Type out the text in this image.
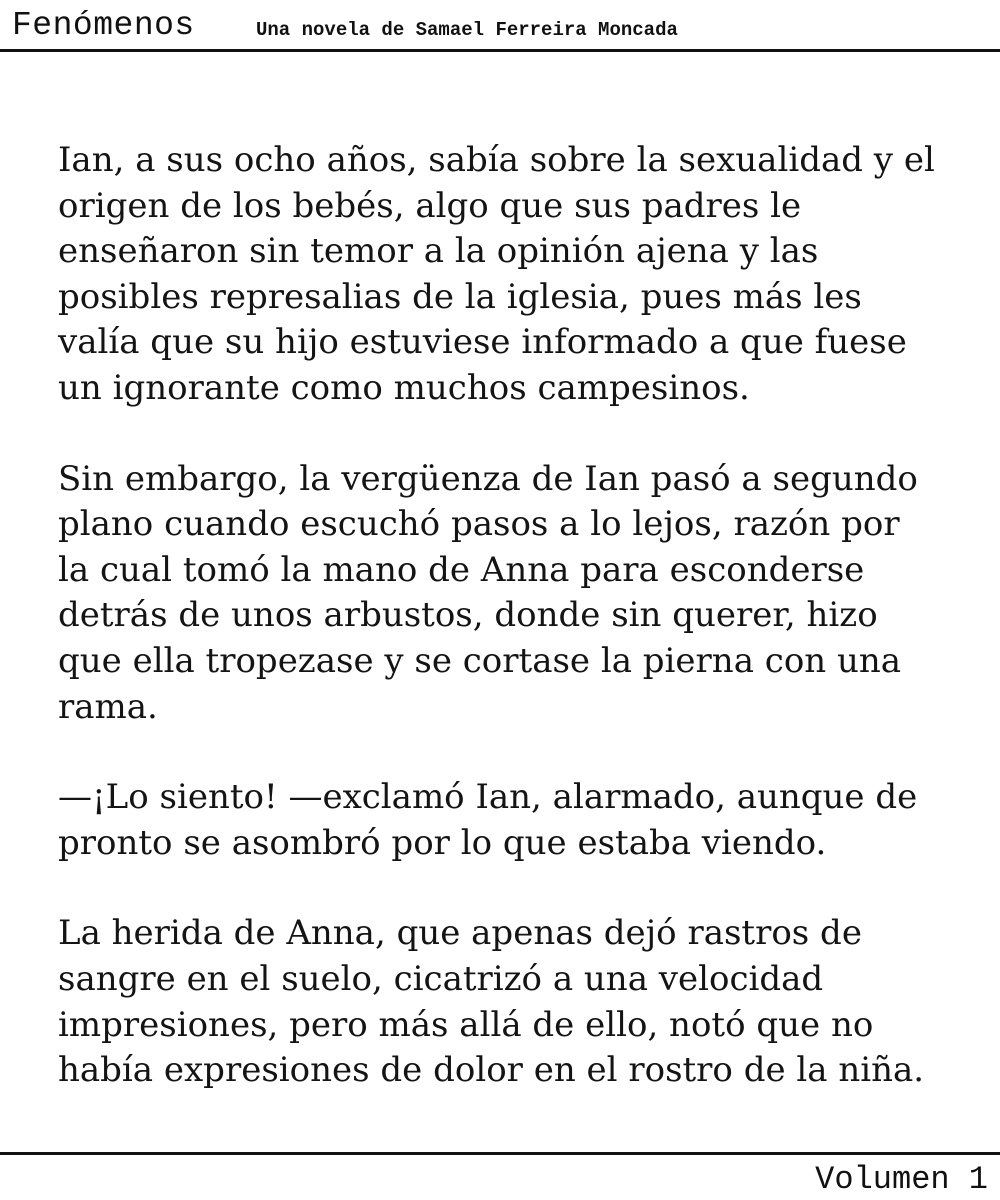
Fenómenos	Una novela de Samael Ferreira Moncada

Ian, a sus ocho años, sabía sobre la sexualidad y el
origen de los bebés, algo que sus padres le
enseñaron sin temor a la opinión ajena y las
posibles represalias de la iglesia, pues más les
valía que su hijo estuviese informado a que fuese
un ignorante como muchos campesinos.

Sin embargo, la vergüenza de Ian pasó a segundo
plano cuando escuchó pasos a lo lejos, razón por
la cual tomó la mano de Anna para esconderse
detrás de unos arbustos, donde sin querer, hizo
que ella tropezase y se cortase la pierna con una
rama.

—¡Lo siento! —exclamó Ian, alarmado, aunque de
pronto se asombró por lo que estaba viendo.

La herida de Anna, que apenas dejó rastros de
sangre en el suelo, cicatrizó a una velocidad
impresiones, pero más allá de ello, notó que no
había expresiones de dolor en el rostro de la niña.

Volumen 1
